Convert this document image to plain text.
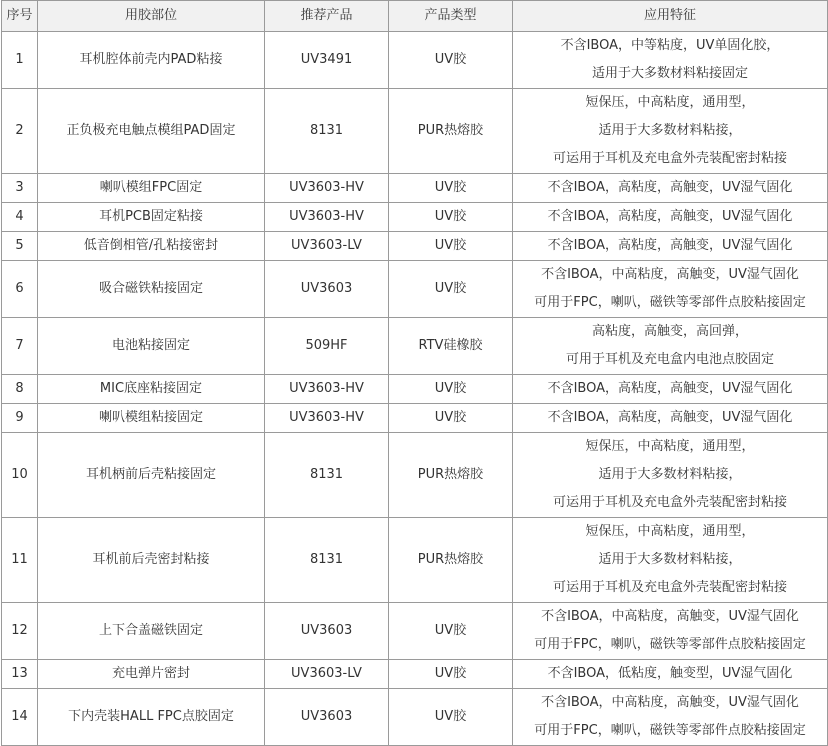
序号	用胶部位	推荐产品	产品类型	应用特征
1	耳机腔体前壳内PAD粘接	UV3491	UV胶	不含IBOA，中等粘度，UV单固化胶，
适用于大多数材料粘接固定

2	正负极充电触点模组PAD固定	8131	PUR热熔胶	短保压，中高粘度，通用型，
适用于大多数材料粘接，
可运用于耳机及充电盒外壳装配密封粘接

3	喇叭模组FPC固定	UV3603-HV	UV胶	不含IBOA，高粘度，高触变，UV湿气固化

4	耳机PCB固定粘接	UV3603-HV	UV胶	不含IBOA，高粘度，高触变，UV湿气固化

5	低音倒相管/孔粘接密封	UV3603-LV	UV胶	不含IBOA，高粘度，高触变，UV湿气固化

6	吸合磁铁粘接固定	UV3603	UV胶	不含IBOA，中高粘度，高触变，UV湿气固化
可用于FPC，喇叭，磁铁等零部件点胶粘接固定

7	电池粘接固定	509HF	RTV硅橡胶	高粘度，高触变，高回弹，
可用于耳机及充电盒内电池点胶固定

8	MIC底座粘接固定	UV3603-HV	UV胶	不含IBOA，高粘度，高触变，UV湿气固化

9	喇叭模组粘接固定	UV3603-HV	UV胶	不含IBOA，高粘度，高触变，UV湿气固化

10	耳机柄前后壳粘接固定	8131	PUR热熔胶	短保压，中高粘度，通用型，
适用于大多数材料粘接，
可运用于耳机及充电盒外壳装配密封粘接

11	耳机前后壳密封粘接	8131	PUR热熔胶	短保压，中高粘度，通用型，
适用于大多数材料粘接，
可运用于耳机及充电盒外壳装配密封粘接

12	上下合盖磁铁固定	UV3603	UV胶	不含IBOA，中高粘度，高触变，UV湿气固化
可用于FPC，喇叭，磁铁等零部件点胶粘接固定

13	充电弹片密封	UV3603-LV	UV胶	不含IBOA，低粘度，触变型，UV湿气固化

14	下内壳装HALL FPC点胶固定	UV3603	UV胶	不含IBOA，中高粘度，高触变，UV湿气固化
可用于FPC，喇叭，磁铁等零部件点胶粘接固定
